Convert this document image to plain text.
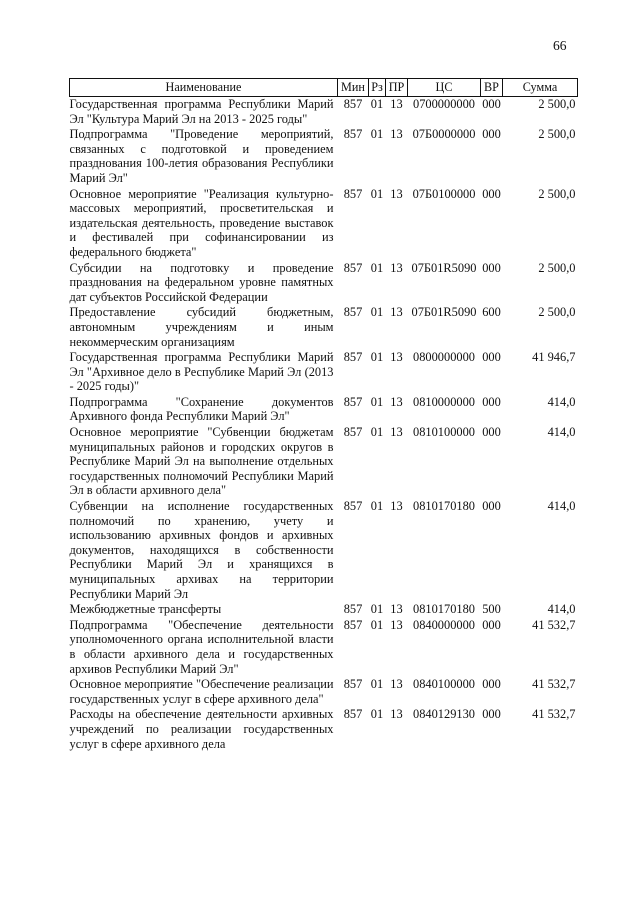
66
Наименование	Мин	Рз	ПР	ЦС	ВР	Сумма
Государственная программа Республики Марий Эл "Культура Марий Эл на 2013 - 2025 годы"	857	01	13	0700000000	000	2 500,0
Подпрограмма "Проведение мероприятий, связанных с подготовкой и проведением празднования 100-летия образования Республики Марий Эл"	857	01	13	07Б0000000	000	2 500,0
Основное мероприятие "Реализация культурно-массовых мероприятий, просветительская и издательская деятельность, проведение выставок и фестивалей при софинансировании из федерального бюджета"	857	01	13	07Б0100000	000	2 500,0
Субсидии на подготовку и проведение празднования на федеральном уровне памятных дат субъектов Российской Федерации	857	01	13	07Б01R5090	000	2 500,0
Предоставление субсидий бюджетным, автономным учреждениям и иным некоммерческим организациям	857	01	13	07Б01R5090	600	2 500,0
Государственная программа Республики Марий Эл "Архивное дело в Республике Марий Эл (2013 - 2025 годы)"	857	01	13	0800000000	000	41 946,7
Подпрограмма "Сохранение документов Архивного фонда Республики Марий Эл"	857	01	13	0810000000	000	414,0
Основное мероприятие "Субвенции бюджетам муниципальных районов и городских округов в Республике Марий Эл на выполнение отдельных государственных полномочий Республики Марий Эл в области архивного дела"	857	01	13	0810100000	000	414,0
Субвенции на исполнение государственных полномочий по хранению, учету и использованию архивных фондов и архивных документов, находящихся в собственности Республики Марий Эл и хранящихся в муниципальных архивах на территории Республики Марий Эл	857	01	13	0810170180	000	414,0
Межбюджетные трансферты	857	01	13	0810170180	500	414,0
Подпрограмма "Обеспечение деятельности уполномоченного органа исполнительной власти в области архивного дела и государственных архивов Республики Марий Эл"	857	01	13	0840000000	000	41 532,7
Основное мероприятие "Обеспечение реализации государственных услуг в сфере архивного дела"	857	01	13	0840100000	000	41 532,7
Расходы на обеспечение деятельности архивных учреждений по реализации государственных услуг в сфере архивного дела	857	01	13	0840129130	000	41 532,7
